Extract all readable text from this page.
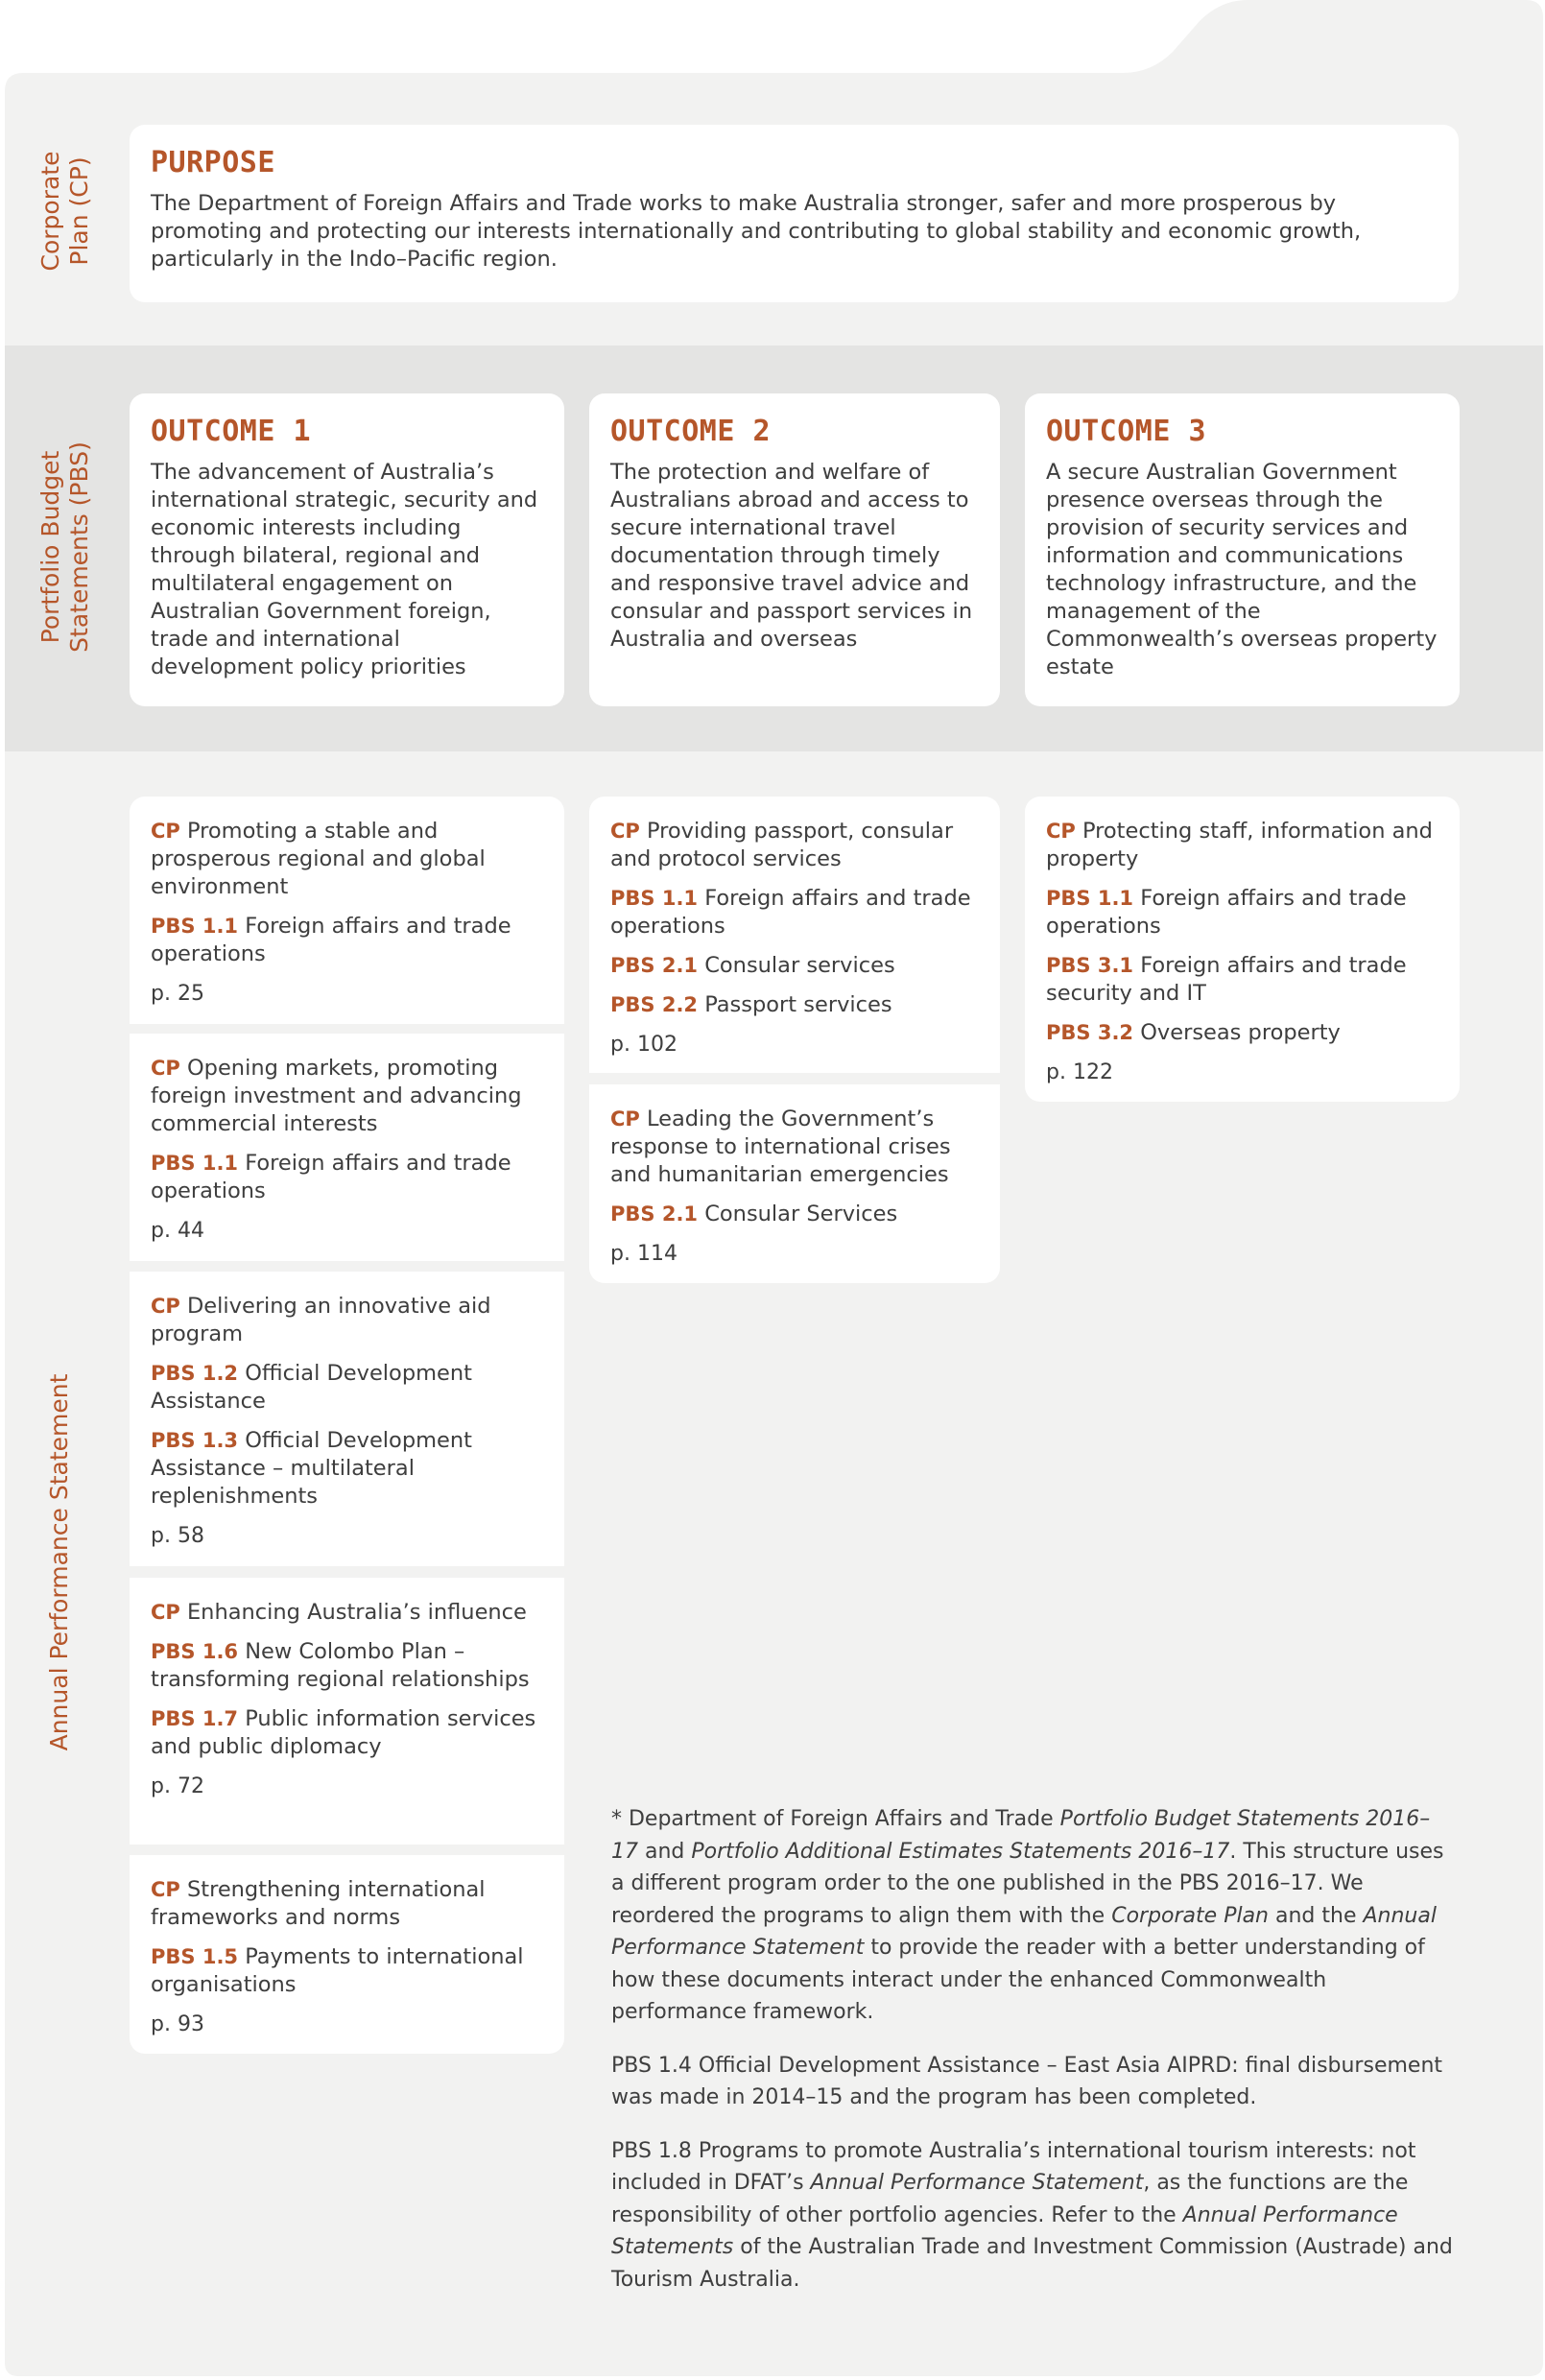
Corporate
Plan (CP)
Portfolio Budget
Statements (PBS)
Annual Performance Statement
PURPOSE
The Department of Foreign Affairs and Trade works to make Australia stronger, safer and more prosperous by promoting and protecting our interests internationally and contributing to global stability and economic growth, particularly in the Indo–Pacific region.
OUTCOME 1
The advancement of Australia’s international strategic, security and economic interests including through bilateral, regional and multilateral engagement on Australian Government foreign, trade and international development policy priorities
OUTCOME 2
The protection and welfare of Australians abroad and access to secure international travel documentation through timely and responsive travel advice and consular and passport services in Australia and overseas
OUTCOME 3
A secure Australian Government presence overseas through the provision of security services and information and communications technology infrastructure, and the management of the Commonwealth’s overseas property estate
CP Promoting a stable and prosperous regional and global environment
PBS 1.1 Foreign affairs and trade operations
p. 25
CP Opening markets, promoting foreign investment and advancing commercial interests
PBS 1.1 Foreign affairs and trade operations
p. 44
CP Delivering an innovative aid program
PBS 1.2 Official Development Assistance
PBS 1.3 Official Development Assistance – multilateral replenishments
p. 58
CP Enhancing Australia’s influence
PBS 1.6 New Colombo Plan – transforming regional relationships
PBS 1.7 Public information services and public diplomacy
p. 72
CP Strengthening international frameworks and norms
PBS 1.5 Payments to international organisations
p. 93
CP Providing passport, consular and protocol services
PBS 1.1 Foreign affairs and trade operations
PBS 2.1 Consular services
PBS 2.2 Passport services
p. 102
CP Leading the Government’s response to international crises and humanitarian emergencies
PBS 2.1 Consular Services
p. 114
CP Protecting staff, information and property
PBS 1.1 Foreign affairs and trade operations
PBS 3.1 Foreign affairs and trade security and IT
PBS 3.2 Overseas property
p. 122

* Department of Foreign Affairs and Trade Portfolio Budget Statements 2016–17 and Portfolio Additional Estimates Statements 2016–17. This structure uses a different program order to the one published in the PBS 2016–17. We reordered the programs to align them with the Corporate Plan and the Annual Performance Statement to provide the reader with a better understanding of how these documents interact under the enhanced Commonwealth performance framework.

PBS 1.4 Official Development Assistance – East Asia AIPRD: final disbursement was made in 2014–15 and the program has been completed.

PBS 1.8 Programs to promote Australia’s international tourism interests: not included in DFAT’s Annual Performance Statement, as the functions are the responsibility of other portfolio agencies. Refer to the Annual Performance Statements of the Australian Trade and Investment Commission (Austrade) and Tourism Australia.
